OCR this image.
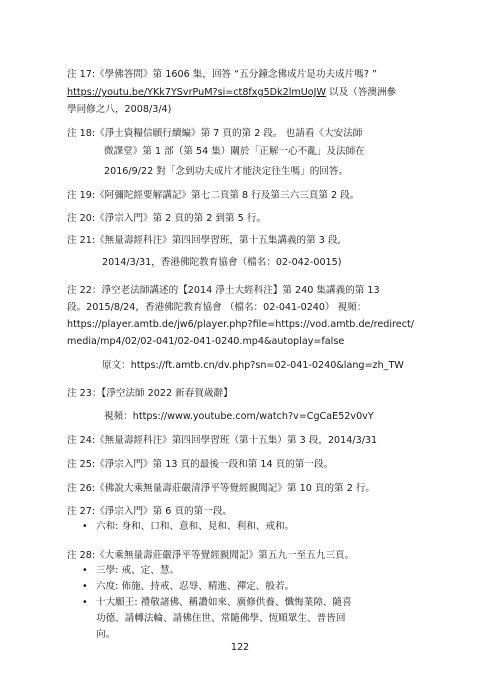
注 17:《學佛答問》第 1606 集，回答 “五分鐘念佛成片是功夫成片嗎? ”
https://youtu.be/YKk7YSvrPuM?si=ct8fxg5Dk2lmUoJW 以及（答澳洲參
學同修之八，2008/3/4)
注 18:《淨土資糧信願行續編》第 7 頁的第 2 段。 也請看《大安法師
微課堂》第 1 部（第 54 集）關於「正解一心不亂」及法師在
2016/9/22 對「念到功夫成片才能決定往生嗎」的回答。
注 19:《阿彌陀經要解講記》第七二頁第 8 行及第三六三頁第 2 段。
注 20:《淨宗入門》第 2 頁的第 2 到第 5 行。
注 21:《無量壽經科注》第四回學習班，第十五集講義的第 3 段,
2014/3/31，香港佛陀教育協會（檔名：02-042-0015)
注 22：淨空老法師講述的【2014 淨土大經科注】第 240 集講義的第 13
段。2015/8/24，香港佛陀教育協會 （檔名：02-041-0240） 視頻：
https://player.amtb.de/jw6/player.php?file=https://vod.amtb.de/redirect/
media/mp4/02/02-041/02-041-0240.mp4&autoplay=false
原文：https://ft.amtb.cn/dv.php?sn=02-041-0240&lang=zh_TW
注 23：【淨空法師 2022 新春賀歲辭】
視頻：https://www.youtube.com/watch?v=CgCaE52v0vY
注 24:《無量壽經科注》第四回學習班（第十五集）第 3 段，2014/3/31
注 25:《淨宗入門》第 13 頁的最後一段和第 14 頁的第一段。
注 26:《佛說大乘無量壽莊嚴清淨平等覺經親聞記》第 10 頁的第 2 行。
注 27:《淨宗入門》第 6 頁的第一段。
• 六和: 身和、口和、意和、見和、利和、戒和。
注 28:《大乘無量壽莊嚴淨平等覺經親聞記》第五九一至五九三頁。
• 三學: 戒、定、慧。
• 六度: 佈施、持戒、忍辱、精進、禪定、般若。
• 十大願王: 禮敬諸佛、稱讚如來、廣修供養、懺悔業障、隨喜功德、請轉法輪、請佛住世、常隨佛學、恆順眾生、普皆回向。
122
